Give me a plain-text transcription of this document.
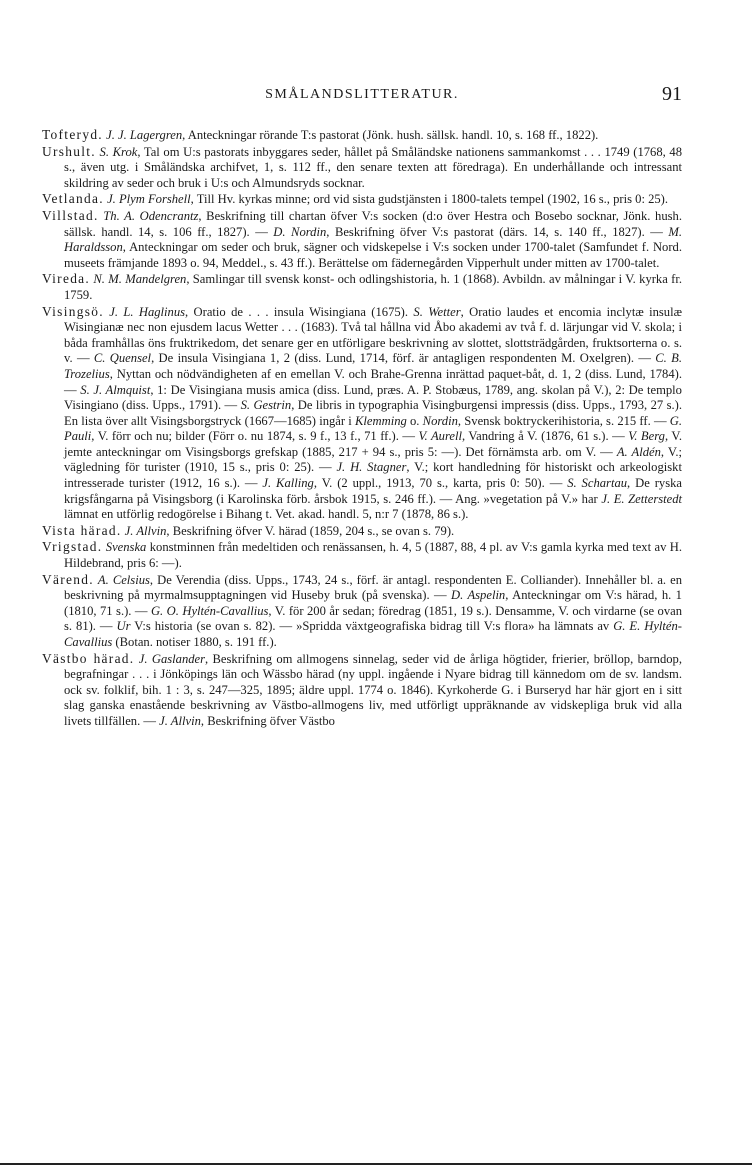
SMÅLANDSLITTERATUR.	91

Tofteryd. J. J. Lagergren, Anteckningar rörande T:s pastorat (Jönk. hush. sällsk. handl. 10, s. 168 ff., 1822).

Urshult. S. Krok, Tal om U:s pastorats inbyggares seder, hållet på Småländske nationens sammankomst . . . 1749 (1768, 48 s., även utg. i Småländska archifvet, 1, s. 112 ff., den senare texten att föredraga). En underhållande och intressant skildring av seder och bruk i U:s och Almundsryds socknar.

Vetlanda. J. Plym Forshell, Till Hv. kyrkas minne; ord vid sista gudstjänsten i 1800-talets tempel (1902, 16 s., pris 0: 25).

Villstad. Th. A. Odencrantz, Beskrifning till chartan öfver V:s socken (d:o över Hestra och Bosebo socknar, Jönk. hush. sällsk. handl. 14, s. 106 ff., 1827). — D. Nordin, Beskrifning öfver V:s pastorat (därs. 14, s. 140 ff., 1827). — M. Haraldsson, Anteckningar om seder och bruk, sägner och vidskepelse i V:s socken under 1700-talet (Samfundet f. Nord. museets främjande 1893 o. 94, Meddel., s. 43 ff.). Berättelse om fädernegården Vipperhult under mitten av 1700-talet.

Vireda. N. M. Mandelgren, Samlingar till svensk konst- och odlingshistoria, h. 1 (1868). Avbildn. av målningar i V. kyrka fr. 1759.

Visingsö. J. L. Haglinus, Oratio de . . . insula Wisingiana (1675). S. Wetter, Oratio laudes et encomia inclytæ insulæ Wisingianæ nec non ejusdem lacus Wetter . . . (1683). Två tal hållna vid Åbo akademi av två f. d. lärjungar vid V. skola; i båda framhållas öns fruktrikedom, det senare ger en utförligare beskrivning av slottet, slottsträdgården, fruktsorterna o. s. v. — C. Quensel, De insula Visingiana 1, 2 (diss. Lund, 1714, förf. är antagligen respondenten M. Oxelgren). — C. B. Trozelius, Nyttan och nödvändigheten af en emellan V. och Brahe-Grenna inrättad paquet-båt, d. 1, 2 (diss. Lund, 1784). — S. J. Almquist, 1: De Visingiana musis amica (diss. Lund, præs. A. P. Stobæus, 1789, ang. skolan på V.), 2: De templo Visingiano (diss. Upps., 1791). — S. Gestrin, De libris in typographia Visingburgensi impressis (diss. Upps., 1793, 27 s.). En lista över allt Visingsborgstryck (1667—1685) ingår i Klemming o. Nordin, Svensk boktryckerihistoria, s. 215 ff. — G. Pauli, V. förr och nu; bilder (Förr o. nu 1874, s. 9 f., 13 f., 71 ff.). — V. Aurell, Vandring å V. (1876, 61 s.). — V. Berg, V. jemte anteckningar om Visingsborgs grefskap (1885, 217 + 94 s., pris 5: —). Det förnämsta arb. om V. — A. Aldén, V.; vägledning för turister (1910, 15 s., pris 0: 25). — J. H. Stagner, V.; kort handledning för historiskt och arkeologiskt intresserade turister (1912, 16 s.). — J. Kalling, V. (2 uppl., 1913, 70 s., karta, pris 0: 50). — S. Schartau, De ryska krigsfångarna på Visingsborg (i Karolinska förb. årsbok 1915, s. 246 ff.). — Ang. »vegetation på V.» har J. E. Zetterstedt lämnat en utförlig redogörelse i Bihang t. Vet. akad. handl. 5, n:r 7 (1878, 86 s.).

Vista härad. J. Allvin, Beskrifning öfver V. härad (1859, 204 s., se ovan s. 79).

Vrigstad. Svenska konstminnen från medeltiden och renässansen, h. 4, 5 (1887, 88, 4 pl. av V:s gamla kyrka med text av H. Hildebrand, pris 6: —).

Värend. A. Celsius, De Verendia (diss. Upps., 1743, 24 s., förf. är antagl. respondenten E. Colliander). Innehåller bl. a. en beskrivning på myrmalmsupptagningen vid Huseby bruk (på svenska). — D. Aspelin, Anteckningar om V:s härad, h. 1 (1810, 71 s.). — G. O. Hyltén-Cavallius, V. för 200 år sedan; föredrag (1851, 19 s.). Densamme, V. och virdarne (se ovan s. 81). — Ur V:s historia (se ovan s. 82). — »Spridda växtgeografiska bidrag till V:s flora» ha lämnats av G. E. Hyltén-Cavallius (Botan. notiser 1880, s. 191 ff.).

Västbo härad. J. Gaslander, Beskrifning om allmogens sinnelag, seder vid de årliga högtider, frierier, bröllop, barndop, begrafningar . . . i Jönköpings län och Wässbo härad (ny uppl. ingående i Nyare bidrag till kännedom om de sv. landsm. ock sv. folklif, bih. 1 : 3, s. 247—325, 1895; äldre uppl. 1774 o. 1846). Kyrkoherde G. i Burseryd har här gjort en i sitt slag ganska enastående beskrivning av Västbo-allmogens liv, med utförligt uppräknande av vidskepliga bruk vid alla livets tillfällen. — J. Allvin, Beskrifning öfver Västbo
